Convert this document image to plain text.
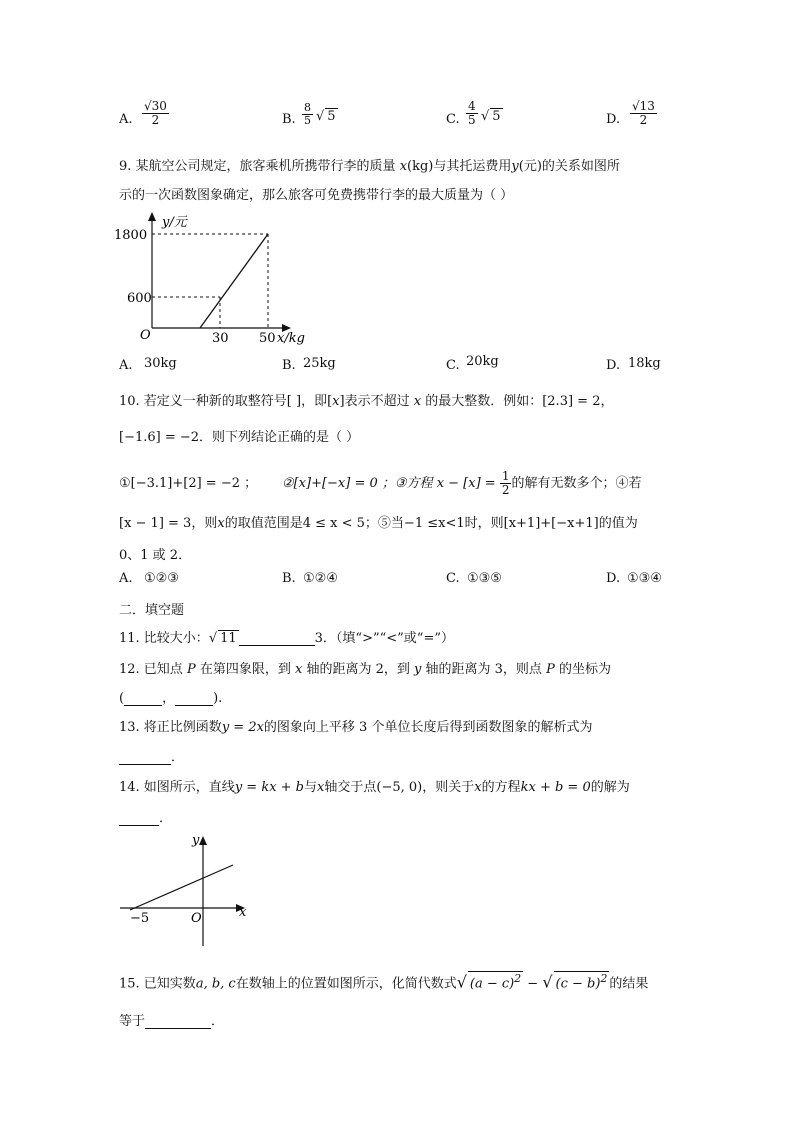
A. $\frac{√30}{2}$	B. $\frac{8}{5}$ √ 5	C. $\frac{4}{5}$ √ 5	D. $\frac{√13}{2}$
9. 某航空公司规定，旅客乘机所携带行李的质量 x(kg)与其托运费用y(元)的关系如图所
示的一次函数图象确定，那么旅客可免费携带行李的最大质量为（ ）
y/元
1800
600
O	30 50 x/kg
A. 30kg	B. 25kg	C. 20kg	D. 18kg
10. 若定义一种新的取整符号[ ]，即[x]表示不超过 x 的最大整数．例如：[2.3] = 2，
[−1.6] = −2．则下列结论正确的是（ ）
①[−3.1]+[2] = −2 ； ②[x]+[−x] = 0 ；③方程 $x - [x] = \frac{1}{2}$ 的解有无数多个；④若
[x − 1] = 3，则x的取值范围是4 ≤ x < 5；⑤当−1 ≤x<1时，则[x+1]+[−x+1]的值为
0、1 或 2．
A. ①②③	B. ①②④	C. ①③⑤	D. ①③④
二．填空题
11. 比较大小：√ 11	3．（填“>”“<”或“=”）
12. 已知点 P 在第四象限，到 x 轴的距离为 2，到 y 轴的距离为 3，则点 P 的坐标为
(	，	).
13. 将正比例函数y = 2x的图象向上平移 3 个单位长度后得到函数图象的解析式为
．
14. 如图所示，直线y = kx + b与x轴交于点(−5, 0)，则关于x的方程kx + b = 0的解为
．
y
x
O
−5
15. 已知实数a, b, c在数轴上的位置如图所示，化简代数式√ $(a - c)^2$ − √ $(c - b)^2$ 的结果
等于	．
